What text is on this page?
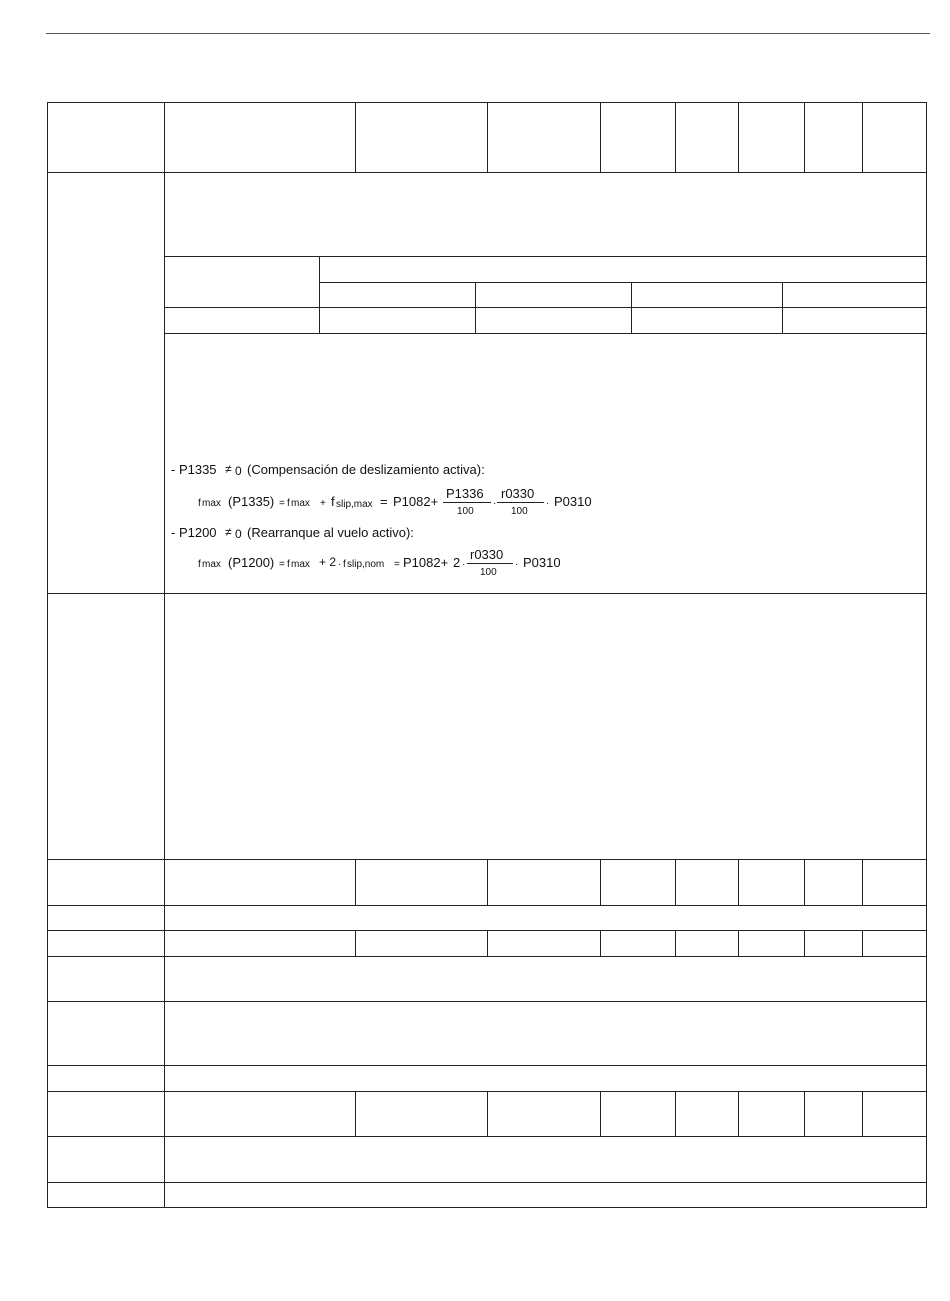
- P1335 ≠ 0 (Compensación de deslizamiento activa):
f max (P1335) = f max + f slip,max = P1082+
P1336
100
·
r0330
100
· P0310
- P1200 ≠ 0 (Rearranque al vuelo activo):
f max (P1200) = f max + 2 · f slip,nom = P1082+ 2 ·
r0330
100
· P0310
